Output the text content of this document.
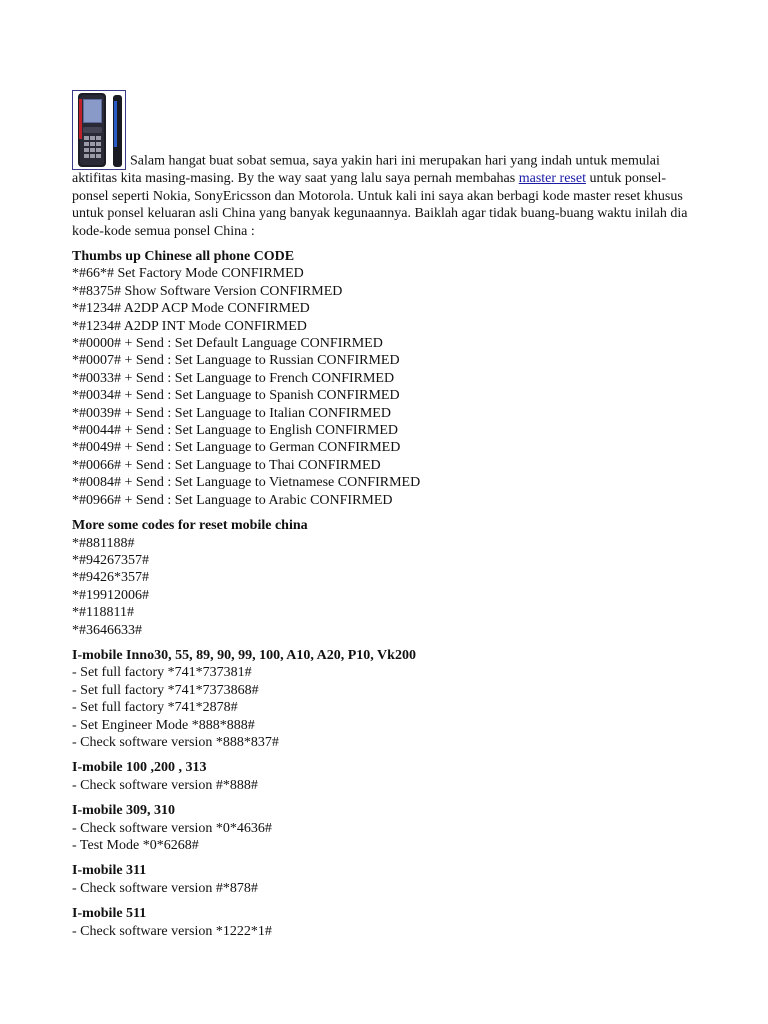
Salam hangat buat sobat semua, saya yakin hari ini merupakan hari yang indah untuk memulai aktifitas kita masing-masing. By the way saat yang lalu saya pernah membahas master reset untuk ponsel-ponsel seperti Nokia, SonyEricsson dan Motorola. Untuk kali ini saya akan berbagi kode master reset khusus untuk ponsel keluaran asli China yang banyak kegunaannya. Baiklah agar tidak buang-buang waktu inilah dia kode-kode semua ponsel China :

Thumbs up Chinese all phone CODE

*#66*# Set Factory Mode CONFIRMED

*#8375# Show Software Version CONFIRMED

*#1234# A2DP ACP Mode CONFIRMED

*#1234# A2DP INT Mode CONFIRMED

*#0000# + Send : Set Default Language CONFIRMED

*#0007# + Send : Set Language to Russian CONFIRMED

*#0033# + Send : Set Language to French CONFIRMED

*#0034# + Send : Set Language to Spanish CONFIRMED

*#0039# + Send : Set Language to Italian CONFIRMED

*#0044# + Send : Set Language to English CONFIRMED

*#0049# + Send : Set Language to German CONFIRMED

*#0066# + Send : Set Language to Thai CONFIRMED

*#0084# + Send : Set Language to Vietnamese CONFIRMED

*#0966# + Send : Set Language to Arabic CONFIRMED

More some codes for reset mobile china

*#881188#

*#94267357#

*#9426*357#

*#19912006#

*#118811#

*#3646633#

I-mobile Inno30, 55, 89, 90, 99, 100, A10, A20, P10, Vk200

- Set full factory *741*737381#

- Set full factory *741*7373868#

- Set full factory *741*2878#

- Set Engineer Mode *888*888#

- Check software version *888*837#

I-mobile 100 ,200 , 313

- Check software version #*888#

I-mobile 309, 310

- Check software version *0*4636#

- Test Mode *0*6268#

I-mobile 311

- Check software version #*878#

I-mobile 511

- Check software version *1222*1#
